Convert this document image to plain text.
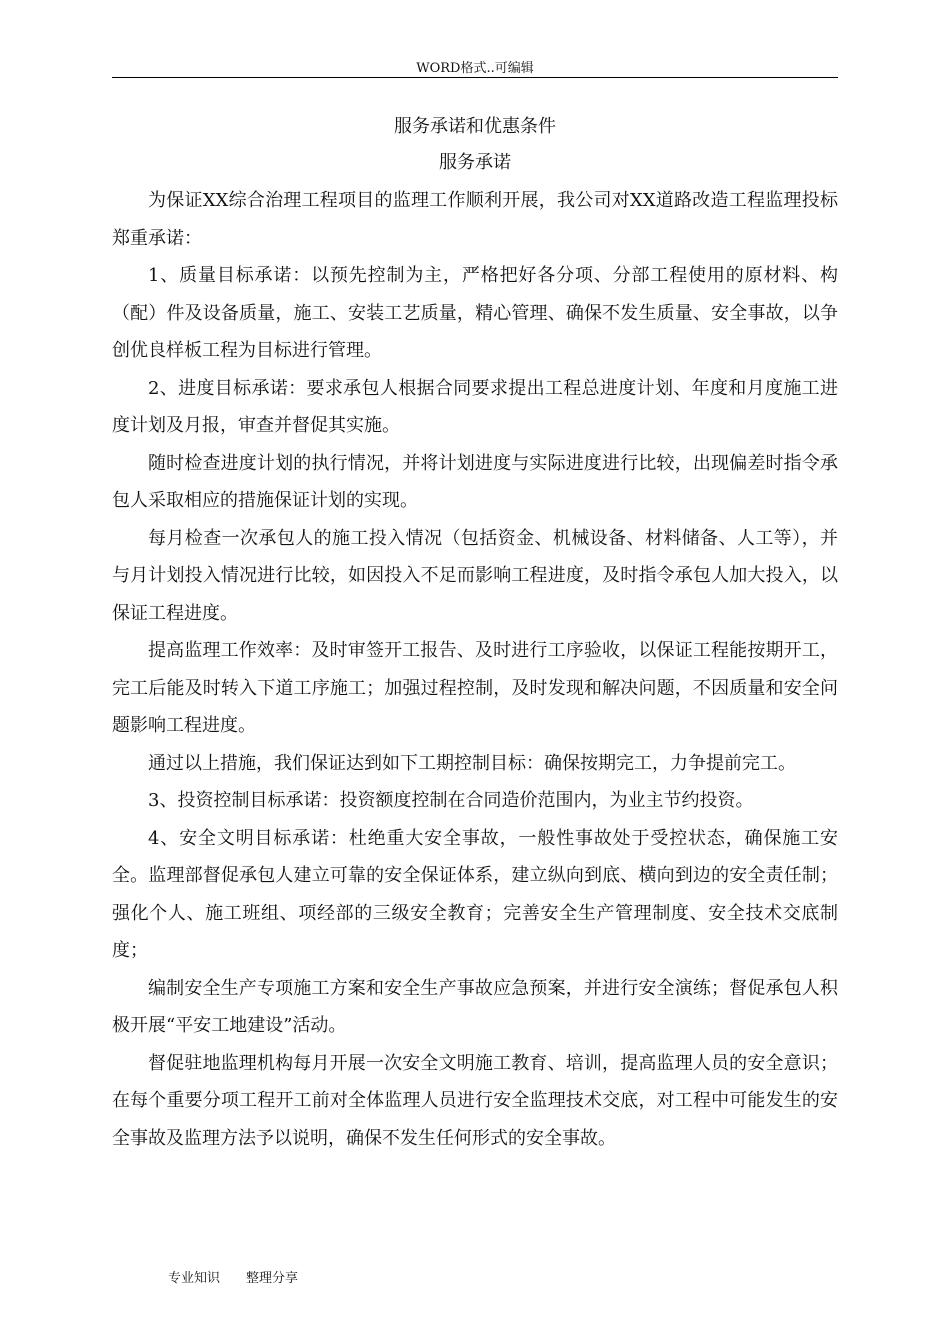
WORD格式..可编辑
服务承诺和优惠条件
服务承诺

为保证XX综合治理工程项目的监理工作顺利开展，我公司对XX道路改造工程监理投标郑重承诺：

1、质量目标承诺：以预先控制为主，严格把好各分项、分部工程使用的原材料、构（配）件及设备质量，施工、安装工艺质量，精心管理、确保不发生质量、安全事故，以争创优良样板工程为目标进行管理。

2、进度目标承诺：要求承包人根据合同要求提出工程总进度计划、年度和月度施工进度计划及月报，审查并督促其实施。

随时检查进度计划的执行情况，并将计划进度与实际进度进行比较，出现偏差时指令承包人采取相应的措施保证计划的实现。

每月检查一次承包人的施工投入情况（包括资金、机械设备、材料储备、人工等），并与月计划投入情况进行比较，如因投入不足而影响工程进度，及时指令承包人加大投入，以保证工程进度。

提高监理工作效率：及时审签开工报告、及时进行工序验收，以保证工程能按期开工，完工后能及时转入下道工序施工；加强过程控制，及时发现和解决问题，不因质量和安全问题影响工程进度。

通过以上措施，我们保证达到如下工期控制目标：确保按期完工，力争提前完工。

3、投资控制目标承诺：投资额度控制在合同造价范围内，为业主节约投资。

4、安全文明目标承诺：杜绝重大安全事故，一般性事故处于受控状态，确保施工安全。监理部督促承包人建立可靠的安全保证体系，建立纵向到底、横向到边的安全责任制；强化个人、施工班组、项经部的三级安全教育；完善安全生产管理制度、安全技术交底制度；

编制安全生产专项施工方案和安全生产事故应急预案，并进行安全演练；督促承包人积极开展“平安工地建设”活动。

督促驻地监理机构每月开展一次安全文明施工教育、培训，提高监理人员的安全意识；在每个重要分项工程开工前对全体监理人员进行安全监理技术交底，对工程中可能发生的安全事故及监理方法予以说明，确保不发生任何形式的安全事故。

专业知识 整理分享
